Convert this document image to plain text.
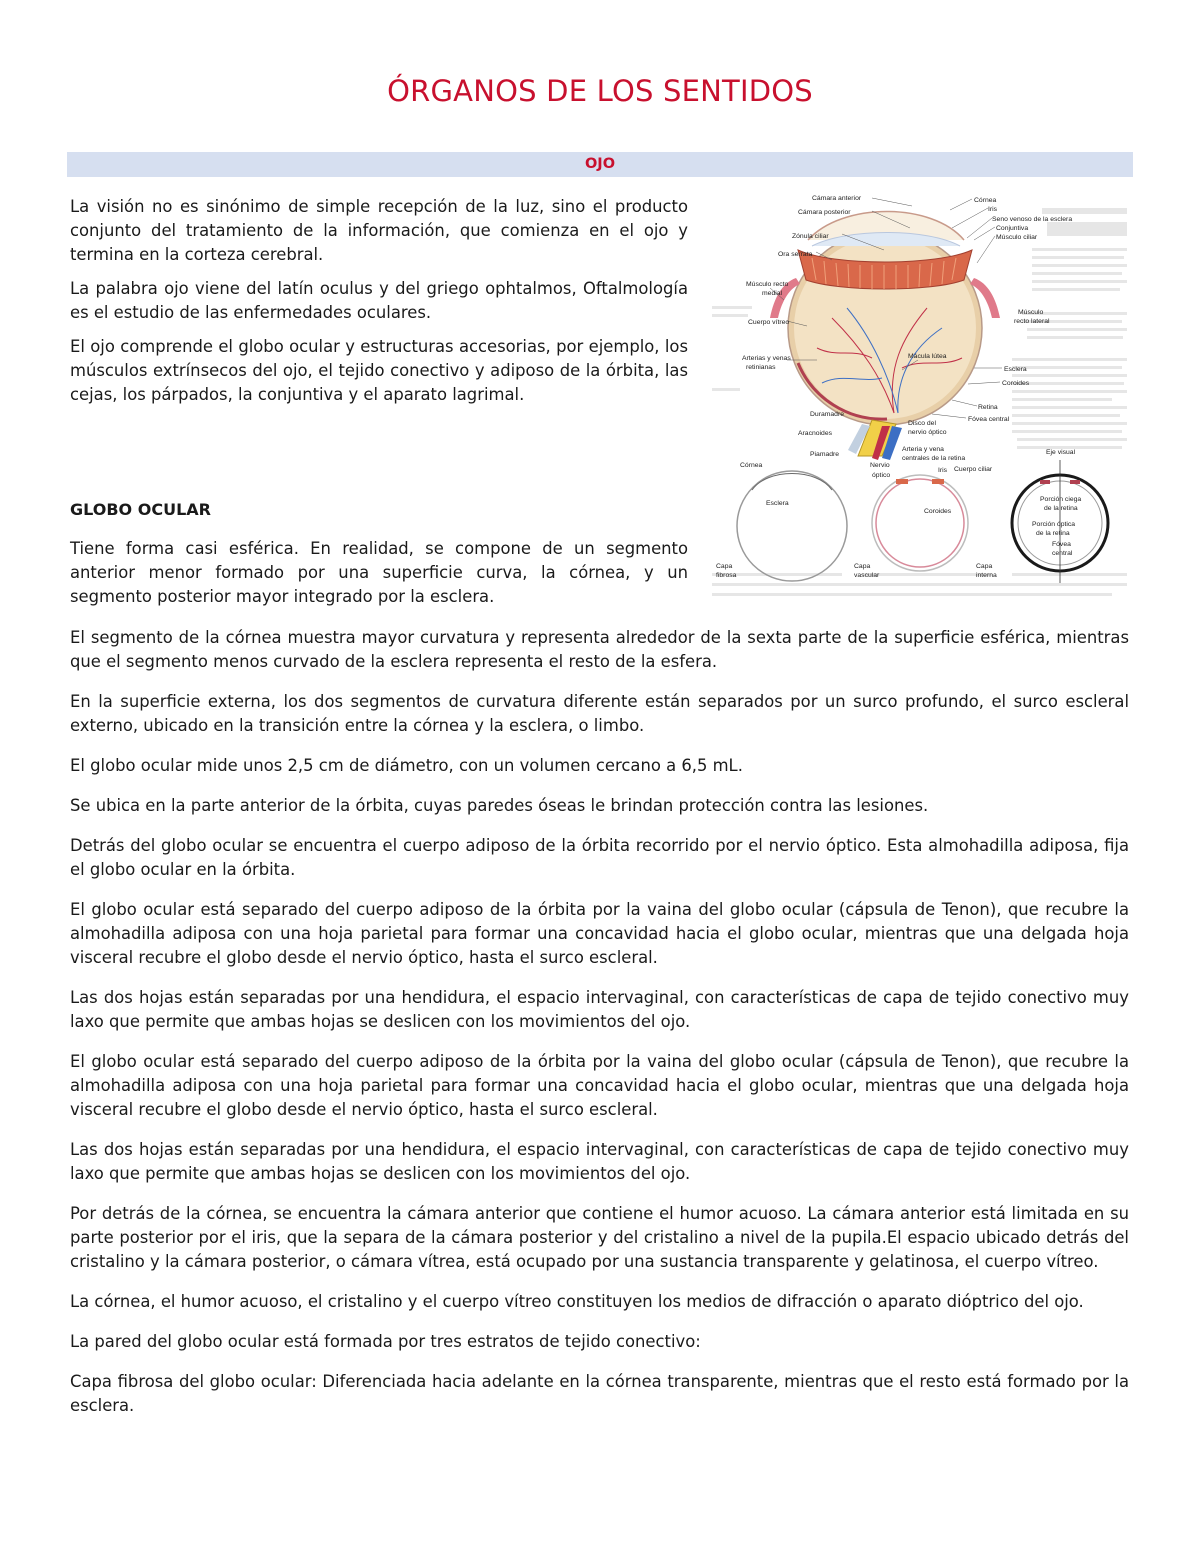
ÓRGANOS DE LOS SENTIDOS
OJO

La visión no es sinónimo de simple recepción de la luz, sino el producto conjunto del tratamiento de la información, que comienza en el ojo y termina en la corteza cerebral.

La palabra ojo viene del latín oculus y del griego ophtalmos, Oftalmología es el estudio de las enfermedades oculares.

El ojo comprende el globo ocular y estructuras accesorias, por ejemplo, los músculos extrínsecos del ojo, el tejido conectivo y adiposo de la órbita, las cejas, los párpados, la conjuntiva y el aparato lagrimal.

GLOBO OCULAR

Tiene forma casi esférica. En realidad, se compone de un segmento anterior menor formado por una superficie curva, la córnea, y un segmento posterior mayor integrado por la esclera.

Cámara anterior
Cámara posterior
Zónula ciliar
Ora serrata
Músculo recto
medial
Cuerpo vítreo
Arterias y venas
retinianas
Duramadre
Aracnoides
Piamadre
Córnea
Iris
Seno venoso de la esclera
Conjuntiva
Músculo ciliar
Músculo
recto lateral
Mácula lútea
Esclera
Coroides
Retina
Fóvea central
Disco del
nervio óptico
Arteria y vena
centrales de la retina
Nervio
óptico
Córnea
Esclera
Capa
fibrosa
Iris Cuerpo ciliar
Coroides
Capa
vascular
Eje visual
Porción ciega
de la retina
Porción óptica
de la retina
Fóvea
central
Capa
interna

El segmento de la córnea muestra mayor curvatura y representa alrededor de la sexta parte de la superficie esférica, mientras que el segmento menos curvado de la esclera representa el resto de la esfera.

En la superficie externa, los dos segmentos de curvatura diferente están separados por un surco profundo, el surco escleral externo, ubicado en la transición entre la córnea y la esclera, o limbo.

El globo ocular mide unos 2,5 cm de diámetro, con un volumen cercano a 6,5 mL.

Se ubica en la parte anterior de la órbita, cuyas paredes óseas le brindan protección contra las lesiones.

Detrás del globo ocular se encuentra el cuerpo adiposo de la órbita recorrido por el nervio óptico. Esta almohadilla adiposa, fija el globo ocular en la órbita.

El globo ocular está separado del cuerpo adiposo de la órbita por la vaina del globo ocular (cápsula de Tenon), que recubre la almohadilla adiposa con una hoja parietal para formar una concavidad hacia el globo ocular, mientras que una delgada hoja visceral recubre el globo desde el nervio óptico, hasta el surco escleral.

Las dos hojas están separadas por una hendidura, el espacio intervaginal, con características de capa de tejido conectivo muy laxo que permite que ambas hojas se deslicen con los movimientos del ojo.

El globo ocular está separado del cuerpo adiposo de la órbita por la vaina del globo ocular (cápsula de Tenon), que recubre la almohadilla adiposa con una hoja parietal para formar una concavidad hacia el globo ocular, mientras que una delgada hoja visceral recubre el globo desde el nervio óptico, hasta el surco escleral.

Las dos hojas están separadas por una hendidura, el espacio intervaginal, con características de capa de tejido conectivo muy laxo que permite que ambas hojas se deslicen con los movimientos del ojo.

Por detrás de la córnea, se encuentra la cámara anterior que contiene el humor acuoso. La cámara anterior está limitada en su parte posterior por el iris, que la separa de la cámara posterior y del cristalino a nivel de la pupila.El espacio ubicado detrás del cristalino y la cámara posterior, o cámara vítrea, está ocupado por una sustancia transparente y gelatinosa, el cuerpo vítreo.

La córnea, el humor acuoso, el cristalino y el cuerpo vítreo constituyen los medios de difracción o aparato dióptrico del ojo.

La pared del globo ocular está formada por tres estratos de tejido conectivo:

Capa fibrosa del globo ocular: Diferenciada hacia adelante en la córnea transparente, mientras que el resto está formado por la esclera.
